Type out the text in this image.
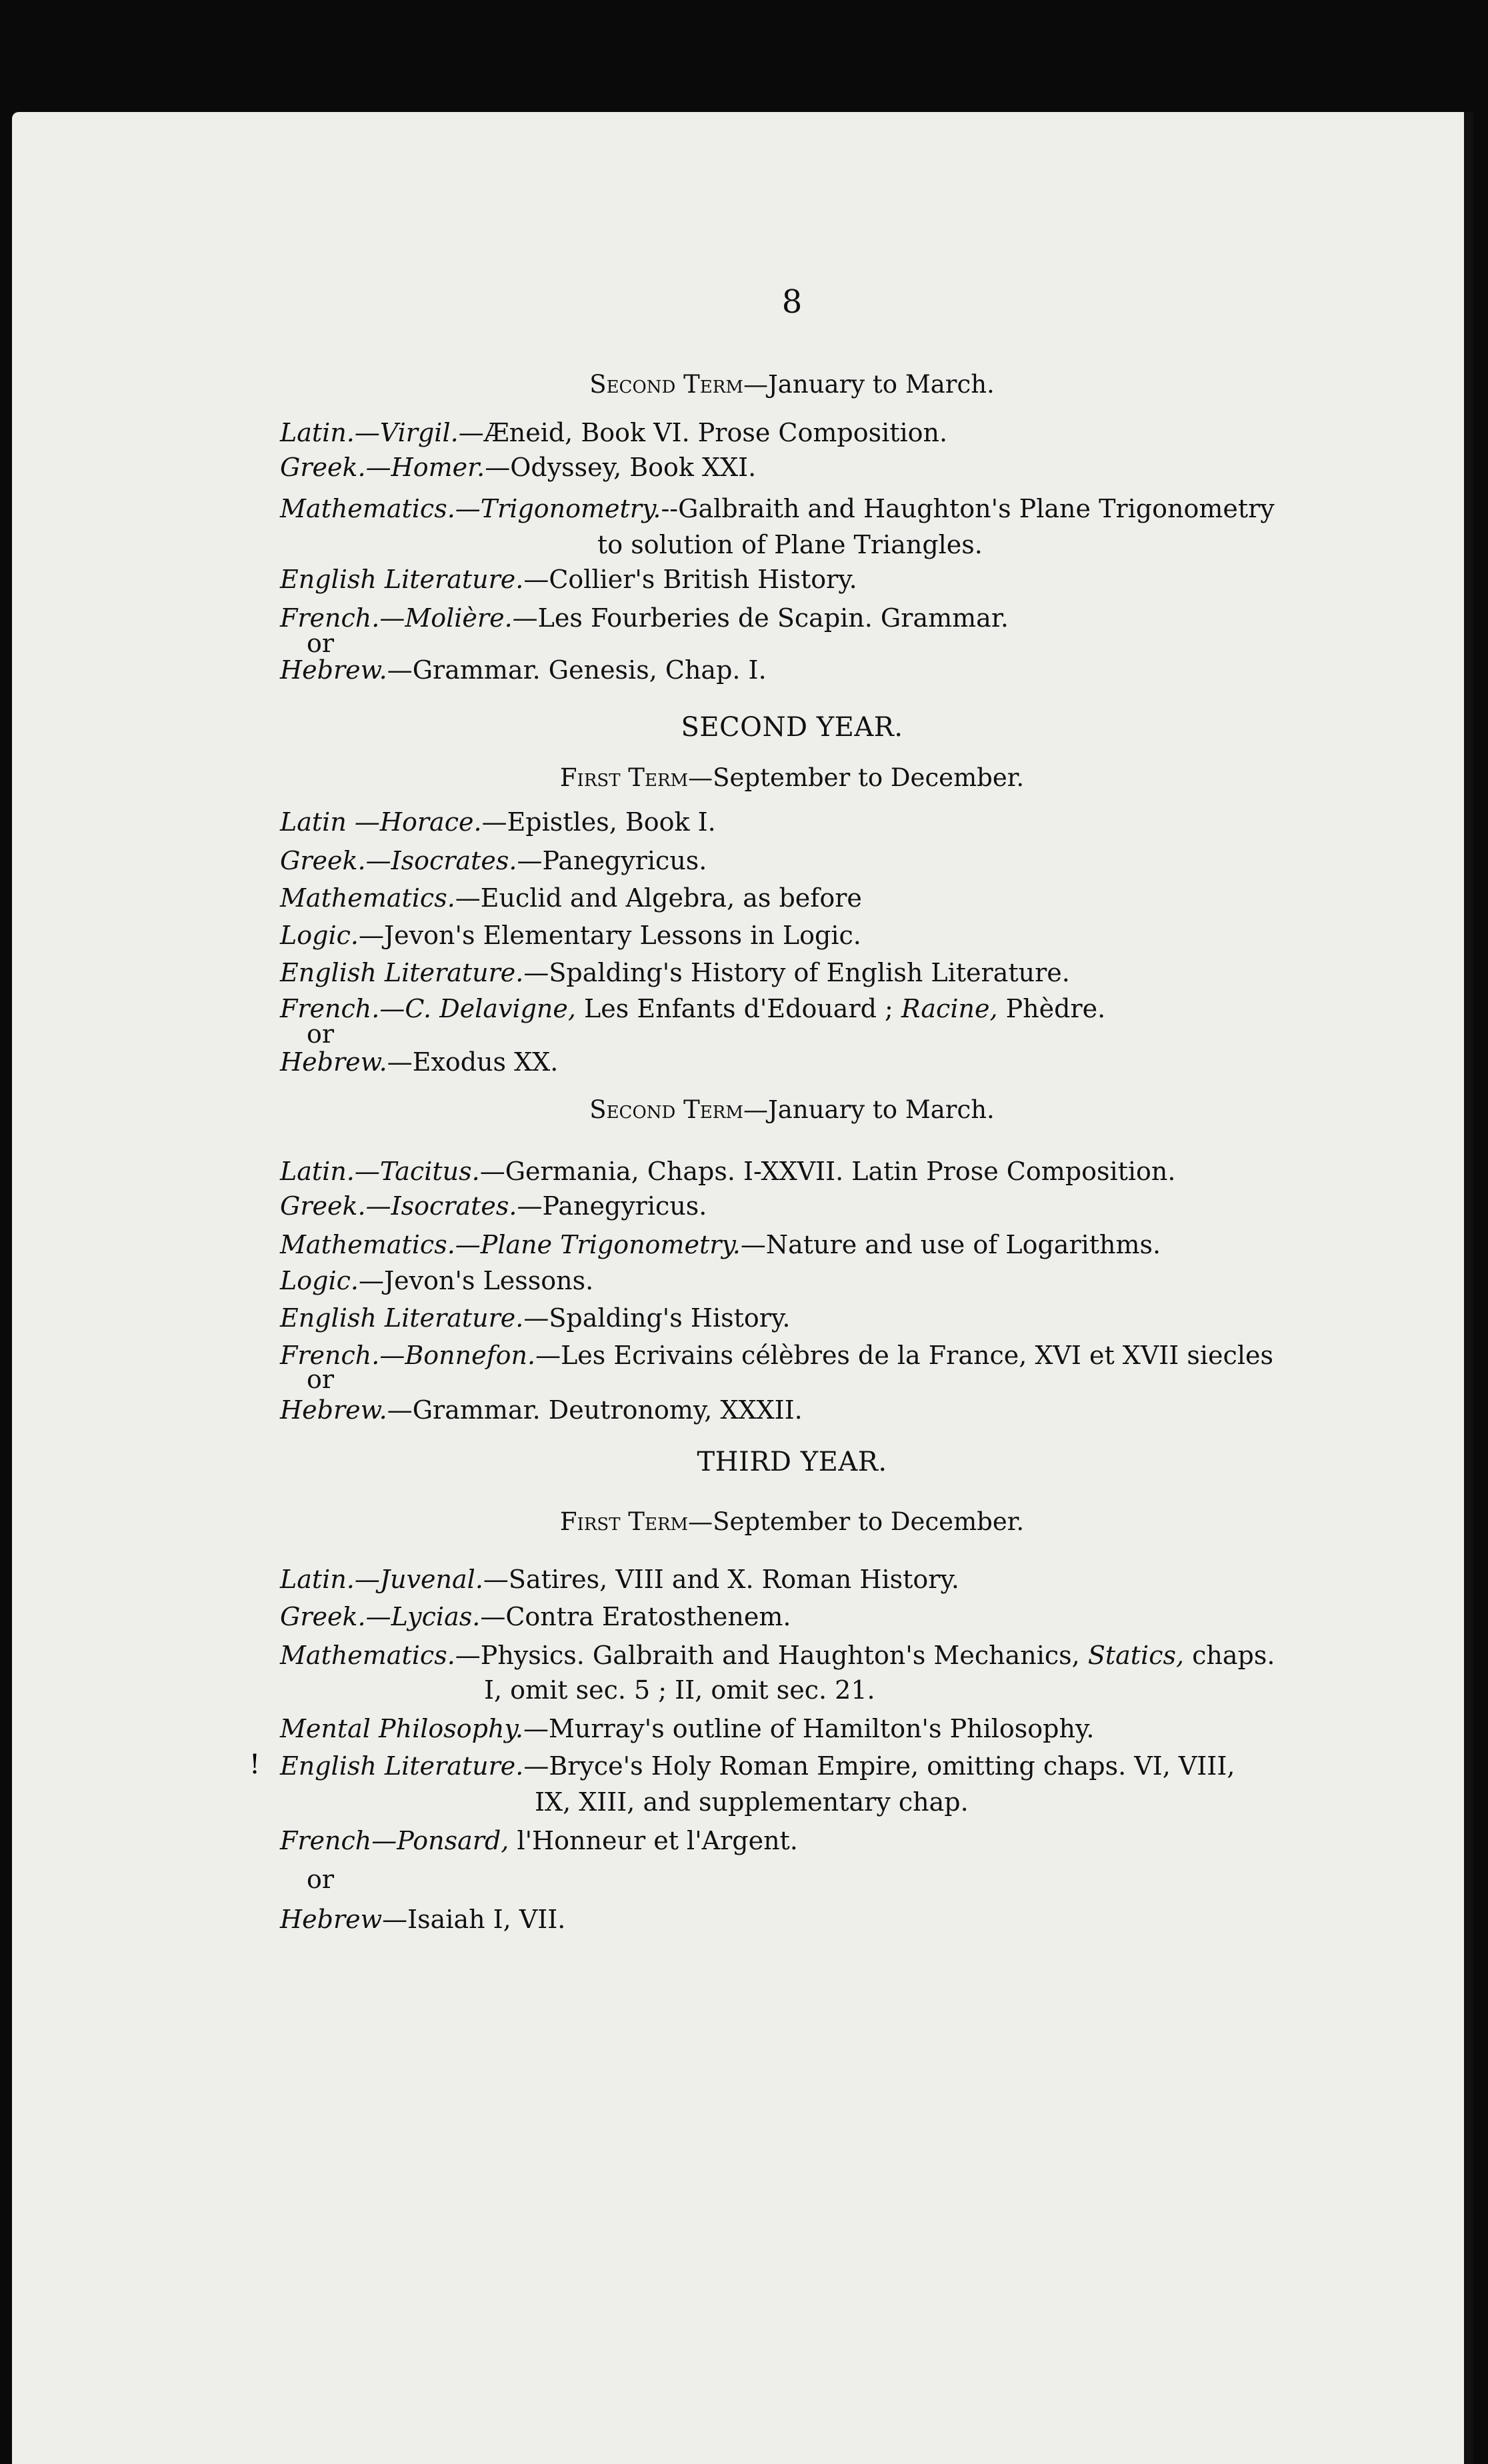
8
Second Term—January to March.
Latin.—Virgil.—Æneid, Book VI. Prose Composition.
Greek.—Homer.—Odyssey, Book XXI.
Mathematics.—Trigonometry.--Galbraith and Haughton's Plane Trigonometry
to solution of Plane Triangles.
English Literature.—Collier's British History.
French.—Molière.—Les Fourberies de Scapin. Grammar.
or
Hebrew.—Grammar. Genesis, Chap. I.
SECOND YEAR.
First Term—September to December.
Latin —Horace.—Epistles, Book I.
Greek.—Isocrates.—Panegyricus.
Mathematics.—Euclid and Algebra, as before
Logic.—Jevon's Elementary Lessons in Logic.
English Literature.—Spalding's History of English Literature.
French.—C. Delavigne, Les Enfants d'Edouard ; Racine, Phèdre.
or
Hebrew.—Exodus XX.
Second Term—January to March.
Latin.—Tacitus.—Germania, Chaps. I-XXVII. Latin Prose Composition.
Greek.—Isocrates.—Panegyricus.
Mathematics.—Plane Trigonometry.—Nature and use of Logarithms.
Logic.—Jevon's Lessons.
English Literature.—Spalding's History.
French.—Bonnefon.—Les Ecrivains célèbres de la France, XVI et XVII siecles
or
Hebrew.—Grammar. Deutronomy, XXXII.
THIRD YEAR.
First Term—September to December.
Latin.—Juvenal.—Satires, VIII and X. Roman History.
Greek.—Lycias.—Contra Eratosthenem.
Mathematics.—Physics. Galbraith and Haughton's Mechanics, Statics, chaps.
I, omit sec. 5 ; II, omit sec. 21.
Mental Philosophy.—Murray's outline of Hamilton's Philosophy.
English Literature.—Bryce's Holy Roman Empire, omitting chaps. VI, VIII,
IX, XIII, and supplementary chap.
French—Ponsard, l'Honneur et l'Argent.
or
Hebrew—Isaiah I, VII.
!
